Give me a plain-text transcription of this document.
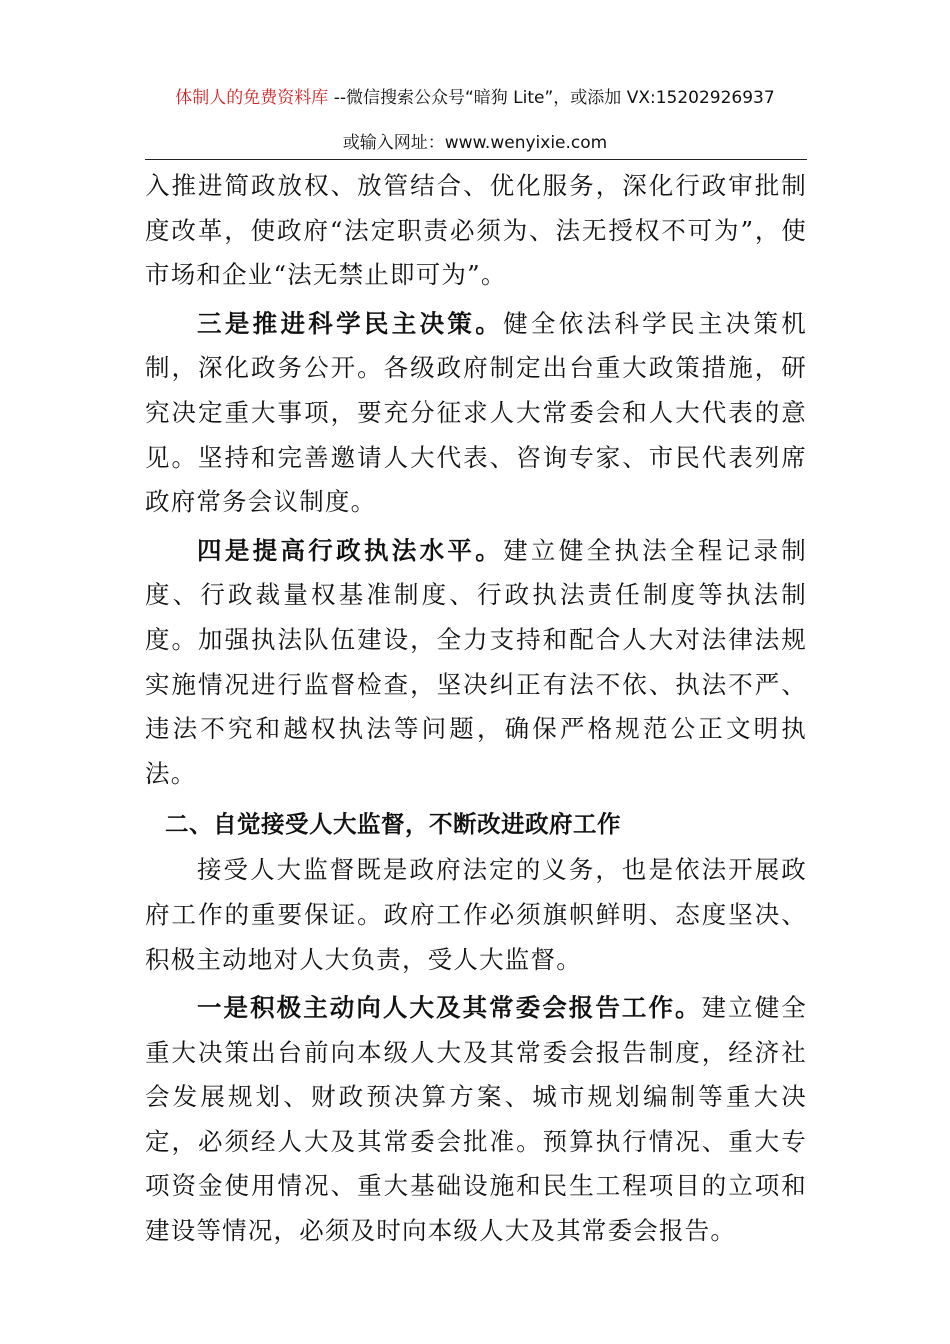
体制人的免费资料库 --微信搜索公众号“暗狗 Lite”，或添加 VX:15202926937
或输入网址：www.wenyixie.com

入推进简政放权、放管结合、优化服务，深化行政审批制度改革，使政府“法定职责必须为、法无授权不可为”，使市场和企业“法无禁止即可为”。

三是推进科学民主决策。健全依法科学民主决策机制，深化政务公开。各级政府制定出台重大政策措施，研究决定重大事项，要充分征求人大常委会和人大代表的意见。坚持和完善邀请人大代表、咨询专家、市民代表列席政府常务会议制度。

四是提高行政执法水平。建立健全执法全程记录制度、行政裁量权基准制度、行政执法责任制度等执法制度。加强执法队伍建设，全力支持和配合人大对法律法规实施情况进行监督检查，坚决纠正有法不依、执法不严、违法不究和越权执法等问题，确保严格规范公正文明执法。

二、自觉接受人大监督，不断改进政府工作

接受人大监督既是政府法定的义务，也是依法开展政府工作的重要保证。政府工作必须旗帜鲜明、态度坚决、积极主动地对人大负责，受人大监督。

一是积极主动向人大及其常委会报告工作。建立健全重大决策出台前向本级人大及其常委会报告制度，经济社会发展规划、财政预决算方案、城市规划编制等重大决定，必须经人大及其常委会批准。预算执行情况、重大专项资金使用情况、重大基础设施和民生工程项目的立项和建设等情况，必须及时向本级人大及其常委会报告。
